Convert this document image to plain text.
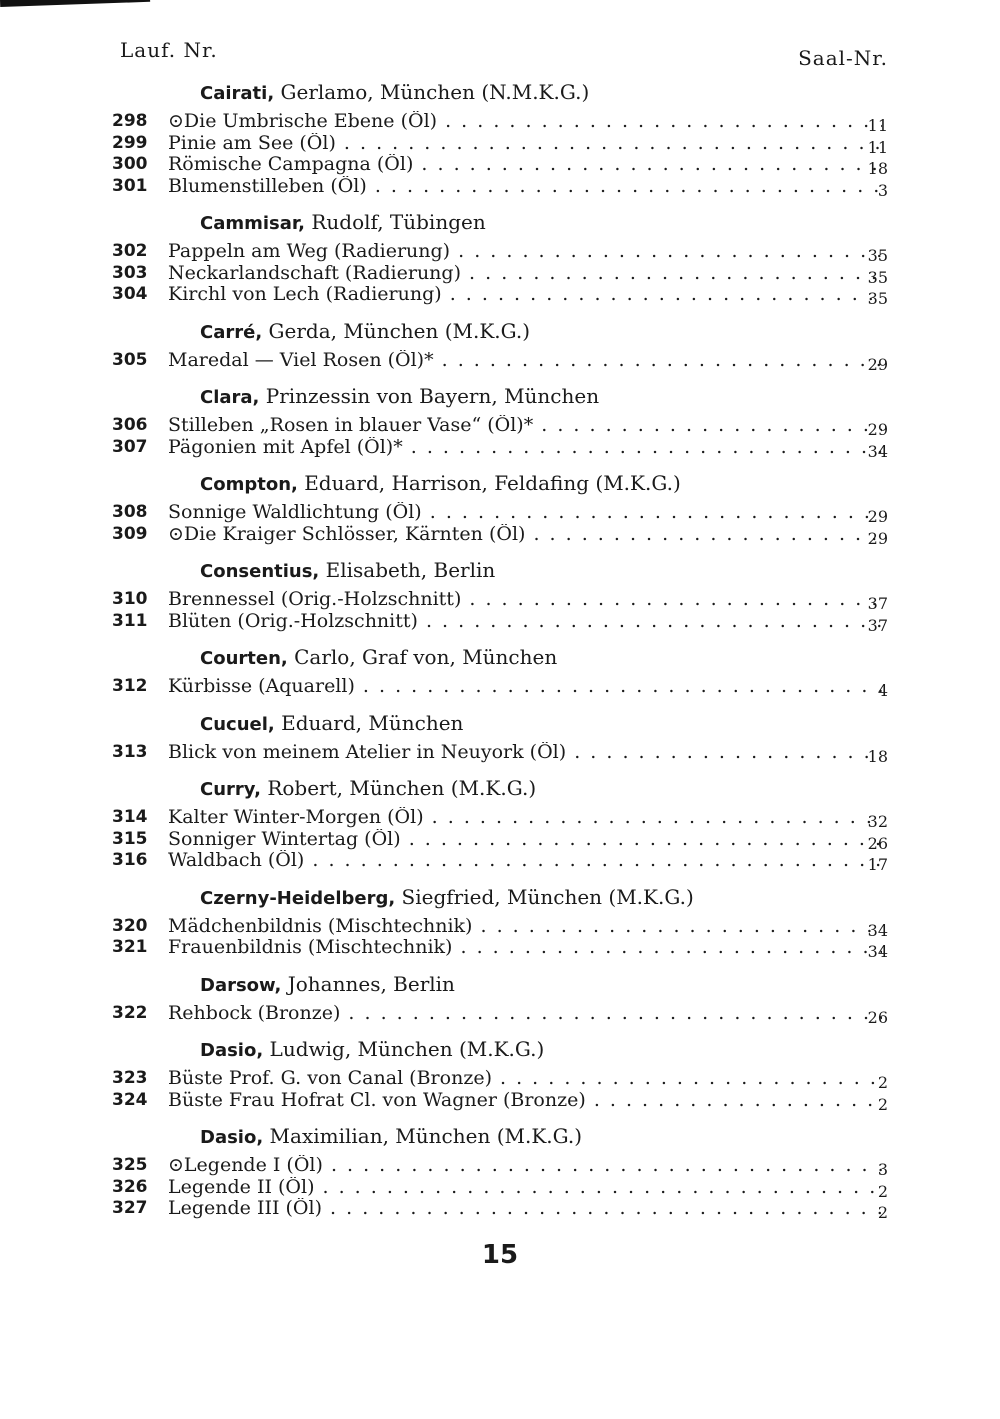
Lauf. Nr.	Saal-Nr.
Cairati, Gerlamo, München (N.M.K.G.)
298	⊙Die Umbrische Ebene (Öl) . . .	11
299	Pinie am See (Öl) . . .	11
300	Römische Campagna (Öl) . . .	18
301	Blumenstilleben (Öl) . . .	3
Cammisar, Rudolf, Tübingen
302	Pappeln am Weg (Radierung) . . .	35
303	Neckarlandschaft (Radierung) . . .	35
304	Kirchl von Lech (Radierung) . . .	35
Carré, Gerda, München (M.K.G.)
305	Maredal — Viel Rosen (Öl)* . . .	29
Clara, Prinzessin von Bayern, München
306	Stilleben „Rosen in blauer Vase“ (Öl)* . . .	29
307	Pägonien mit Apfel (Öl)* . . .	34
Compton, Eduard, Harrison, Feldafing (M.K.G.)
308	Sonnige Waldlichtung (Öl) . . .	29
309	⊙Die Kraiger Schlösser, Kärnten (Öl) . . .	29
Consentius, Elisabeth, Berlin
310	Brennessel (Orig.-Holzschnitt) . . .	37
311	Blüten (Orig.-Holzschnitt) . . .	37
Courten, Carlo, Graf von, München
312	Kürbisse (Aquarell) . . .	4
Cucuel, Eduard, München
313	Blick von meinem Atelier in Neuyork (Öl) . . .	18
Curry, Robert, München (M.K.G.)
314	Kalter Winter-Morgen (Öl) . . .	32
315	Sonniger Wintertag (Öl) . . .	26
316	Waldbach (Öl) . . .	17
Czerny-Heidelberg, Siegfried, München (M.K.G.)
320	Mädchenbildnis (Mischtechnik) . . .	34
321	Frauenbildnis (Mischtechnik) . . .	34
Darsow, Johannes, Berlin
322	Rehbock (Bronze) . . .	26
Dasio, Ludwig, München (M.K.G.)
323	Büste Prof. G. von Canal (Bronze) . . .	2
324	Büste Frau Hofrat Cl. von Wagner (Bronze) . . .	2
Dasio, Maximilian, München (M.K.G.)
325	⊙Legende I (Öl) . . .	3
326	Legende II (Öl) . . .	2
327	Legende III (Öl) . . .	2
15
